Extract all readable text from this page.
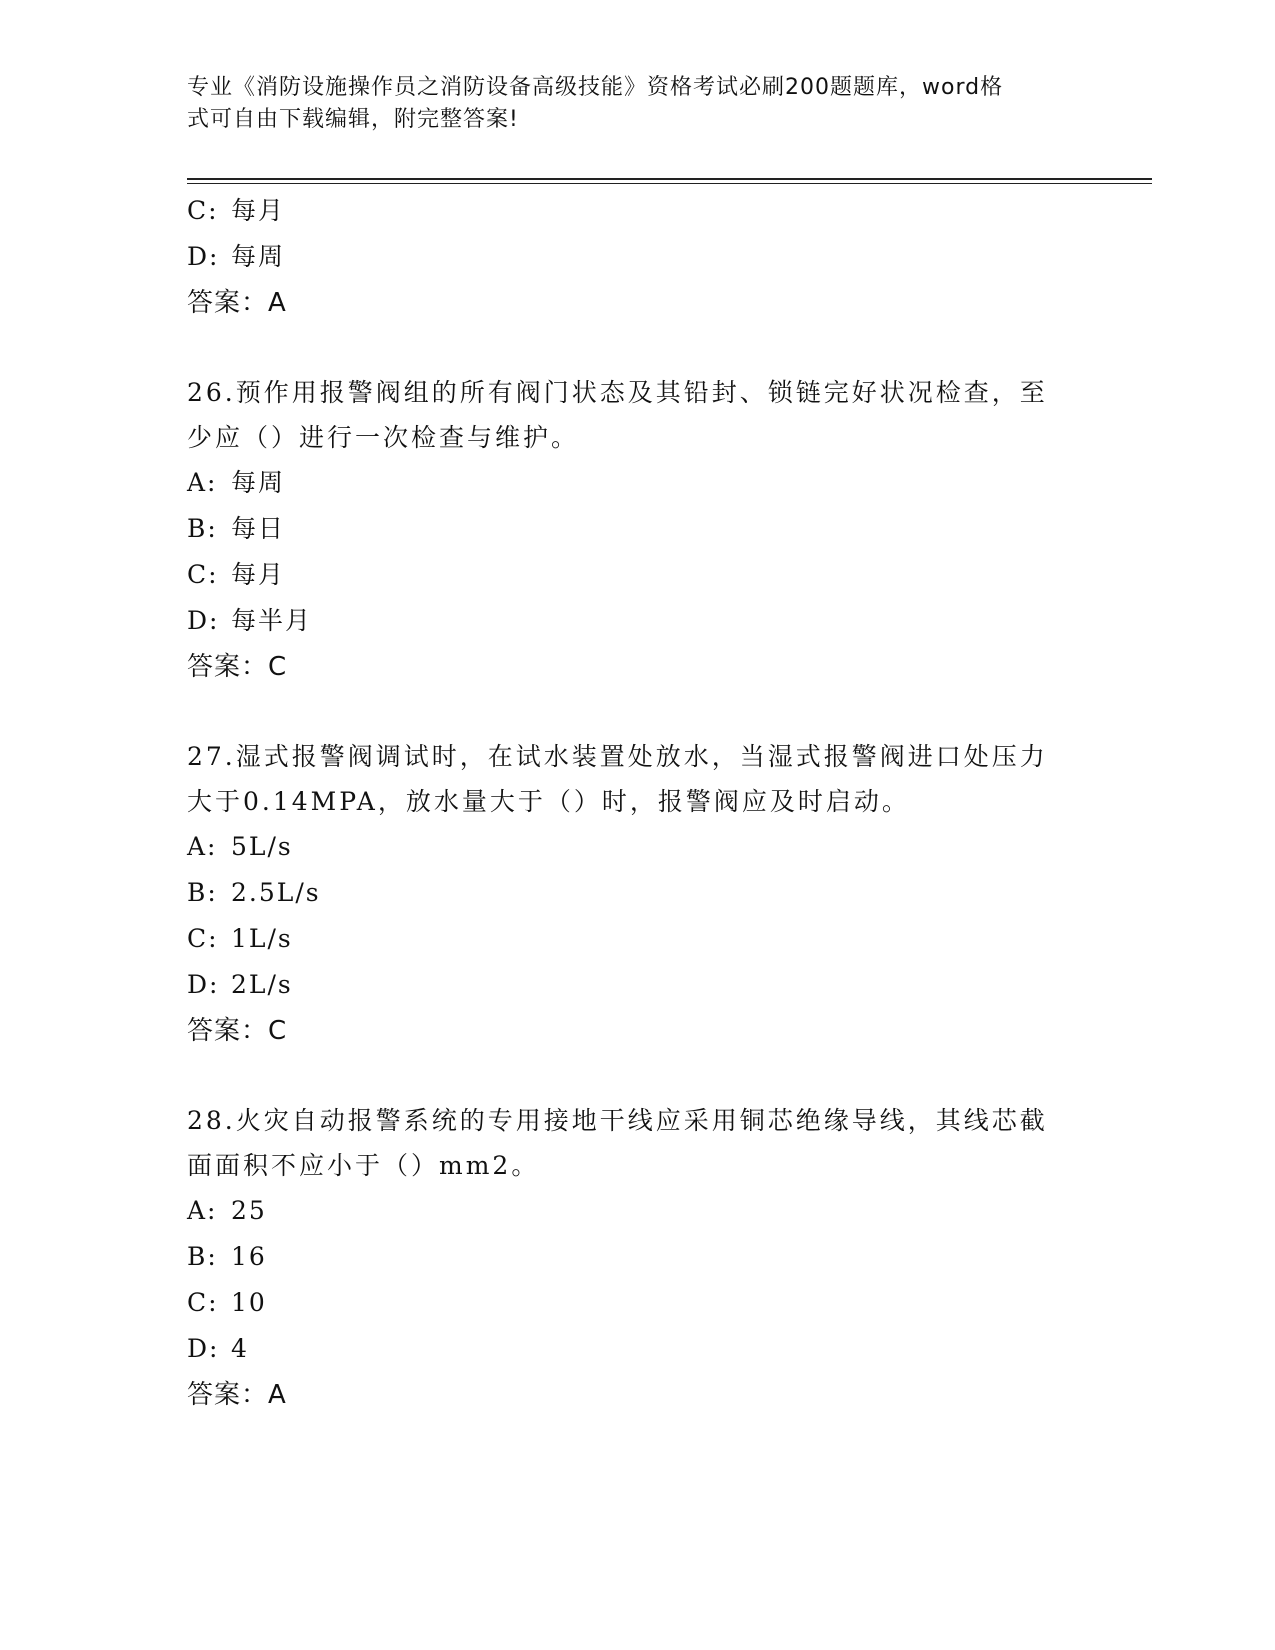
专业《消防设施操作员之消防设备高级技能》资格考试必刷200题题库，word格
式可自由下载编辑，附完整答案!
C: 每月
D: 每周
答案：A
26.预作用报警阀组的所有阀门状态及其铅封、锁链完好状况检查，至
少应（）进行一次检查与维护。
A: 每周
B: 每日
C: 每月
D: 每半月
答案：C
27.湿式报警阀调试时，在试水装置处放水，当湿式报警阀进口处压力
大于0.14MPA，放水量大于（）时，报警阀应及时启动。
A: 5L/s
B: 2.5L/s
C: 1L/s
D: 2L/s
答案：C
28.火灾自动报警系统的专用接地干线应采用铜芯绝缘导线，其线芯截
面面积不应小于（）mm2。
A: 25
B: 16
C: 10
D: 4
答案：A
